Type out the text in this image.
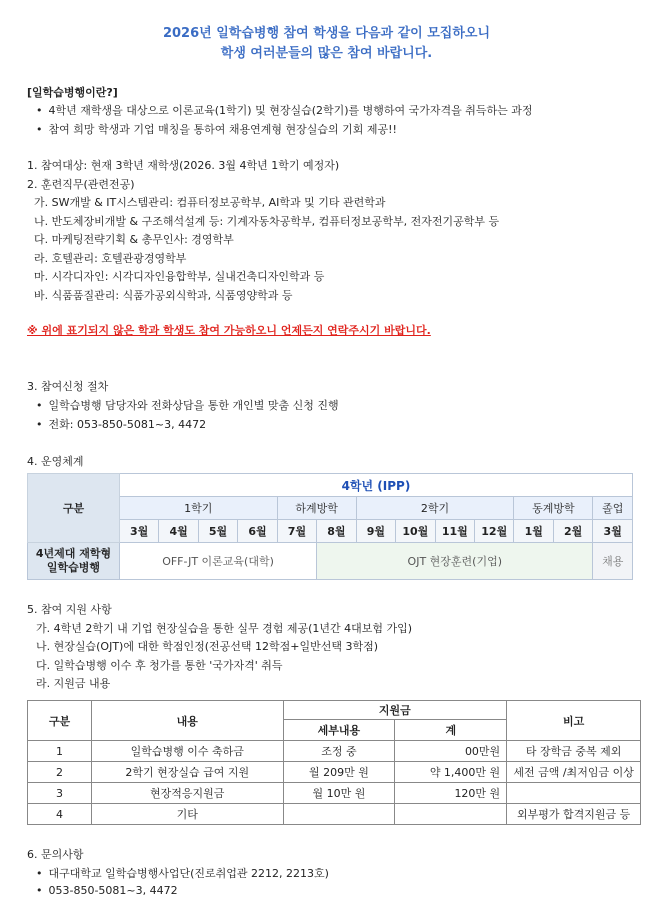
2026년 일학습병행 참여 학생을 다음과 같이 모집하오니
학생 여러분들의 많은 참여 바랍니다.
[일학습병행이란?]
• 4학년 재학생을 대상으로 이론교육(1학기) 및 현장실습(2학기)를 병행하여 국가자격을 취득하는 과정
• 참여 희망 학생과 기업 매칭을 통하여 채용연계형 현장실습의 기회 제공!!
1. 참여대상: 현재 3학년 재학생(2026. 3월 4학년 1학기 예정자)
2. 훈련직무(관련전공)
가. SW개발 & IT시스템관리: 컴퓨터정보공학부, AI학과 및 기타 관련학과
나. 반도체장비개발 & 구조해석설계 등: 기계자동차공학부, 컴퓨터정보공학부, 전자전기공학부 등
다. 마케팅전략기획 & 총무인사: 경영학부
라. 호텔관리: 호텔관광경영학부
마. 시각디자인: 시각디자인융합학부, 실내건축디자인학과 등
바. 식품품질관리: 식품가공외식학과, 식품영양학과 등
※ 위에 표기되지 않은 학과 학생도 참여 가능하오니 언제든지 연락주시기 바랍니다.
3. 참여신청 절차
• 일학습병행 담당자와 전화상담을 통한 개인별 맞춤 신청 진행
• 전화: 053-850-5081~3, 4472
4. 운영체계
구분	4학년 (IPP)												
	1학기				하계방학		2학기				동계방학		졸업
	3월	4월	5월	6월	7월	8월	9월	10월	11월	12월	1월	2월	3월

4년제대 재학형
일학습병행	OFF-JT 이론교육(대학)					OJT 현장훈련(기업)							채용
5. 참여 지원 사항
가. 4학년 2학기 내 기업 현장실습을 통한 실무 경험 제공(1년간 4대보험 가입)
나. 현장실습(OJT)에 대한 학점인정(전공선택 12학점+일반선택 3학점)
다. 일학습병행 이수 후 청가를 통한 '국가자격' 취득
라. 지원금 내용
구분	내용	지원금		비고
		세부내용	계	
1	일학습병행 이수 축하금	조정 중	00만원	타 장학금 중복 제외
2	2학기 현장실습 급여 지원	월 209만 원	약 1,400만 원	세전 금액 /최저임금 이상
3	현장적응지원금	월 10만 원	120만 원	
4	기타			외부평가 합격지원금 등
6. 문의사항
• 대구대학교 일학습병행사업단(진로취업관 2212, 2213호)
• 053-850-5081~3, 4472
